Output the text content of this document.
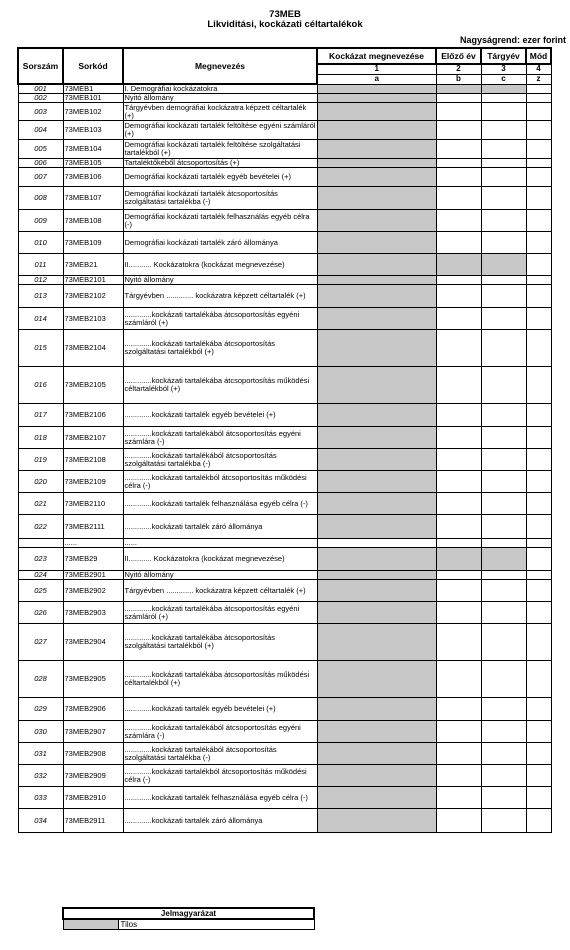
73MEB
Likviditási, kockázati céltartalékok
Nagyságrend: ezer forint
Sorszám	Sorkód	Megnevezés	Kockázat megnevezése	Előző év	Tárgyév	Mód
			1	2	3	4
			a	b	c	z
001	73MEB1	I. Demográfiai kockázatokra				
002	73MEB101	Nyitó állomány				
003	73MEB102	Tárgyévben demográfiai kockázatra képzett céltartalék (+)				
004	73MEB103	Demográfiai kockázati tartalék feltöltése egyéni számláról (+)				
005	73MEB104	Demográfiai kockázati tartalék feltöltése szolgáltatási tartalékból (+)				
006	73MEB105	Tartaléktőkéből átcsoportosítás (+)				
007	73MEB106	Demográfiai kockázati tartalék egyéb bevételei (+)				
008	73MEB107	Demográfiai kockázati tartalék átcsoportosítás szolgáltatási tartalékba (-)				
009	73MEB108	Demográfiai kockázati tartalék felhasználás egyéb célra (-)				
010	73MEB109	Demográfiai kockázati tartalék záró állománya				
011	73MEB21	II........... Kockázatokra (kockázat megnevezése)				
012	73MEB2101	Nyitó állomány				
013	73MEB2102	Tárgyévben ............. kockázatra képzett céltartalék (+)				
014	73MEB2103	.............kockázati tartalékába átcsoportosítás egyéni számláról (+)				
015	73MEB2104	.............kockázati tartalékába átcsoportosítás szolgáltatási tartalékból (+)				
016	73MEB2105	.............kockázati tartalékába átcsoportosítás működési céltartalékból (+)				
017	73MEB2106	.............kockázati tartalék egyéb bevételei (+)				
018	73MEB2107	.............kockázati tartalékából átcsoportosítás egyéni számlára (-)				
019	73MEB2108	.............kockázati tartalékából átcsoportosítás szolgáltatási tartalékba (-)				
020	73MEB2109	.............kockázati tartalékból átcsoportosítás működési célra (-)				
021	73MEB2110	.............kockázati tartalék felhasználása egyéb célra (-)				
022	73MEB2111	.............kockázati tartalék záró állománya				
	......	......				
023	73MEB29	II........... Kockázatokra (kockázat megnevezése)				
024	73MEB2901	Nyitó állomány				
025	73MEB2902	Tárgyévben ............. kockázatra képzett céltartalék (+)				
026	73MEB2903	.............kockázati tartalékába átcsoportosítás egyéni számláról (+)				
027	73MEB2904	.............kockázati tartalékába átcsoportosítás szolgáltatási tartalékból (+)				
028	73MEB2905	.............kockázati tartalékába átcsoportosítás működési céltartalékból (+)				
029	73MEB2906	.............kockázati tartalék egyéb bevételei (+)				
030	73MEB2907	.............kockázati tartalékából átcsoportosítás egyéni számlára (-)				
031	73MEB2908	.............kockázati tartalékából átcsoportosítás szolgáltatási tartalékba (-)				
032	73MEB2909	.............kockázati tartalékból átcsoportosítás működési célra (-)				
033	73MEB2910	.............kockázati tartalék felhasználása egyéb célra (-)				
034	73MEB2911	.............kockázati tartalék záró állománya				
Jelmagyarázat
	Tilos
